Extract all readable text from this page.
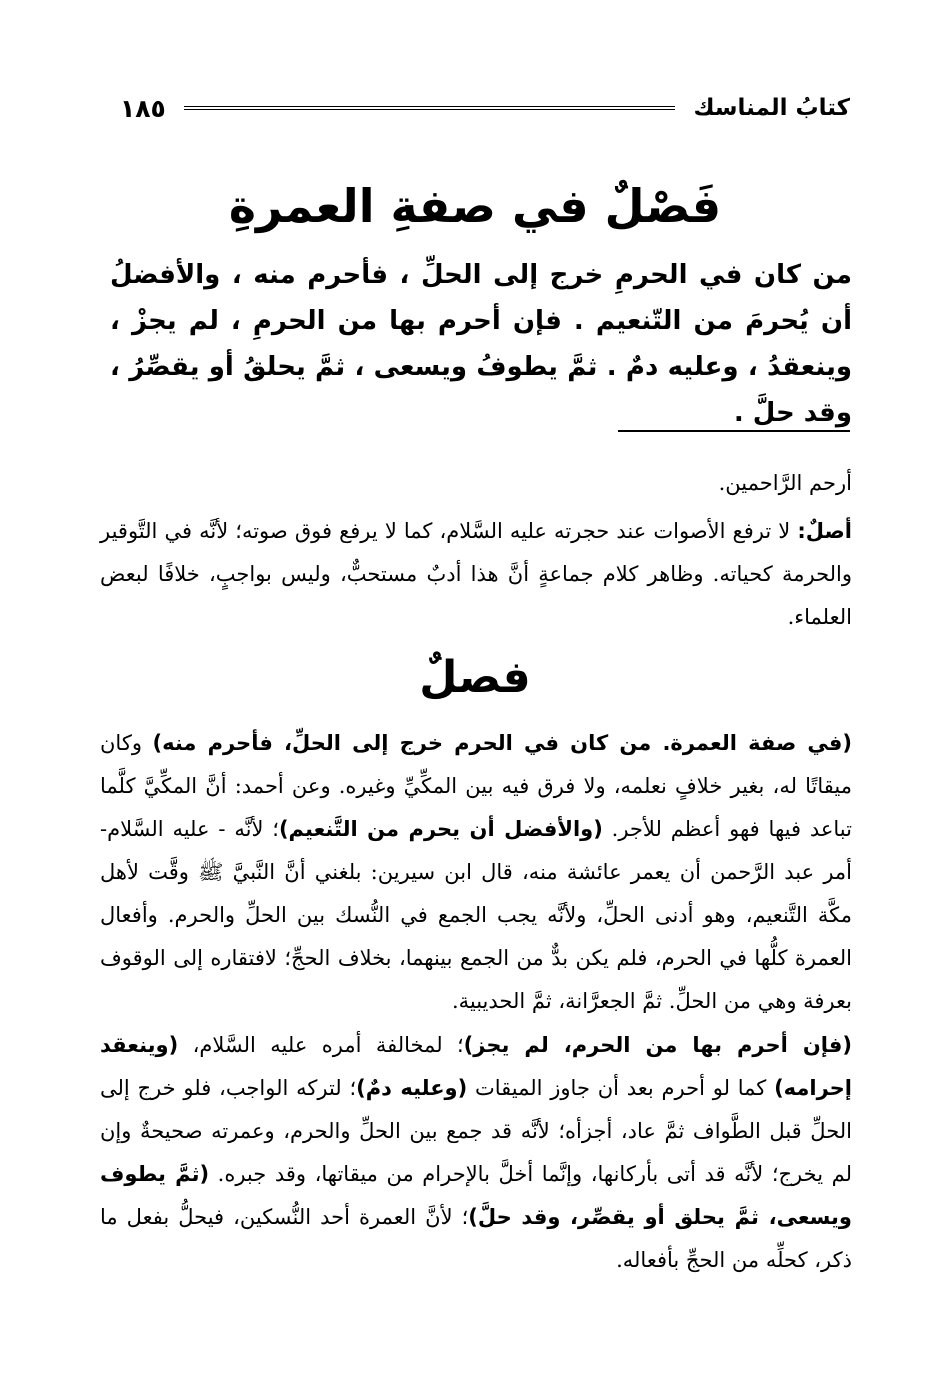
كتابُ المناسك
١٨٥
فَصْلٌ في صفةِ العمرةِ

من كان في الحرمِ خرج إلى الحلِّ ، فأحرم منه ، والأفضلُ أن يُحرمَ من التّنعيم . فإن أحرم بها من الحرمِ ، لم يجزْ ، وينعقدُ ، وعليه دمٌ . ثمَّ يطوفُ ويسعى ، ثمَّ يحلقُ أو يقصِّرُ ، وقد حلَّ .

أرحم الرَّاحمين.

أصلٌ: لا ترفع الأصوات عند حجرته عليه السَّلام، كما لا يرفع فوق صوته؛ لأنَّه في التَّوقير والحرمة كحياته. وظاهر كلام جماعةٍ أنَّ هذا أدبٌ مستحبٌّ، وليس بواجبٍ، خلافًا لبعض العلماء.

فصلٌ

(في صفة العمرة. من كان في الحرم خرج إلى الحلِّ، فأحرم منه) وكان ميقاتًا له، بغير خلافٍ نعلمه، ولا فرق فيه بين المكِّيِّ وغيره. وعن أحمد: أنَّ المكِّيَّ كلَّما تباعد فيها فهو أعظم للأجر. (والأفضل أن يحرم من التَّنعيم)؛ لأنَّه - عليه السَّلام- أمر عبد الرَّحمن أن يعمر عائشة منه، قال ابن سيرين: بلغني أنَّ النَّبيَّ ﷺ وقَّت لأهل مكَّة التَّنعيم، وهو أدنى الحلِّ، ولأنَّه يجب الجمع في النُّسك بين الحلِّ والحرم. وأفعال العمرة كلُّها في الحرم، فلم يكن بدٌّ من الجمع بينهما، بخلاف الحجِّ؛ لافتقاره إلى الوقوف بعرفة وهي من الحلِّ. ثمَّ الجعرَّانة، ثمَّ الحديبية.

(فإن أحرم بها من الحرم، لم يجز)؛ لمخالفة أمره عليه السَّلام، (وينعقد إحرامه) كما لو أحرم بعد أن جاوز الميقات (وعليه دمٌ)؛ لتركه الواجب، فلو خرج إلى الحلِّ قبل الطَّواف ثمَّ عاد، أجزأه؛ لأنَّه قد جمع بين الحلِّ والحرم، وعمرته صحيحةٌ وإن لم يخرج؛ لأنَّه قد أتى بأركانها، وإنَّما أخلَّ بالإحرام من ميقاتها، وقد جبره. (ثمَّ يطوف ويسعى، ثمَّ يحلق أو يقصِّر، وقد حلَّ)؛ لأنَّ العمرة أحد النُّسكين، فيحلُّ بفعل ما ذكر، كحلِّه من الحجِّ بأفعاله.
